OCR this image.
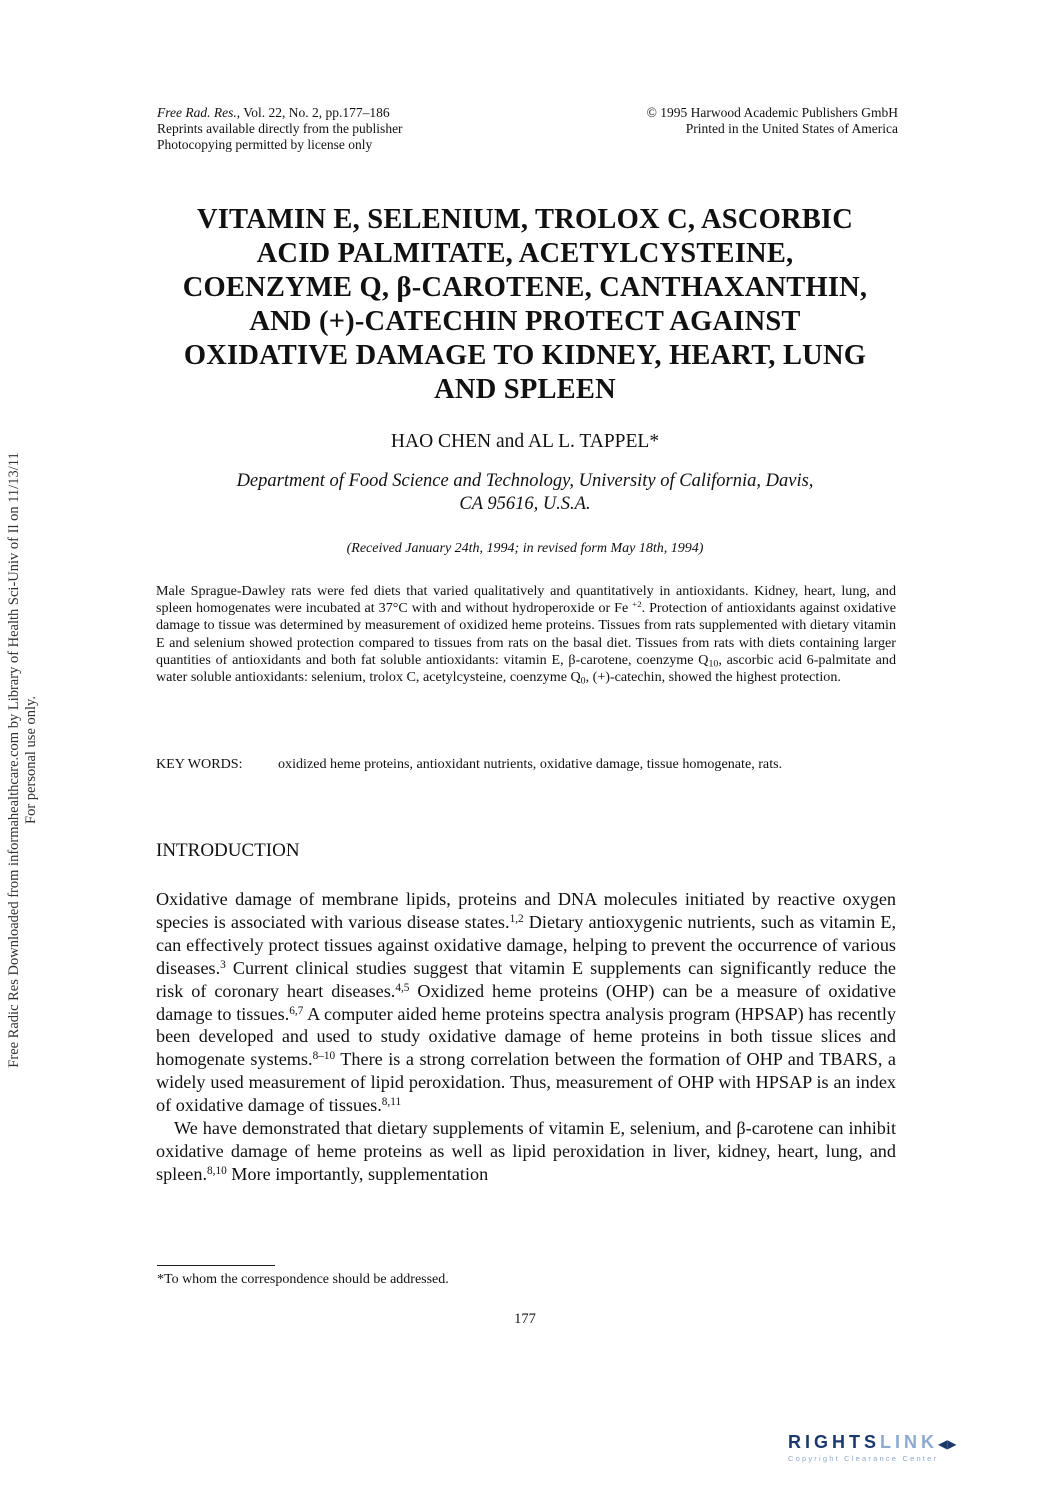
Free Radic Res Downloaded from informahealthcare.com by Library of Health Sci-Univ of Il on 11/13/11 For personal use only.
Free Rad. Res., Vol. 22, No. 2, pp.177–186
Reprints available directly from the publisher
Photocopying permitted by license only
© 1995 Harwood Academic Publishers GmbH
Printed in the United States of America
VITAMIN E, SELENIUM, TROLOX C, ASCORBIC
ACID PALMITATE, ACETYLCYSTEINE,
COENZYME Q, β-CAROTENE, CANTHAXANTHIN,
AND (+)-CATECHIN PROTECT AGAINST
OXIDATIVE DAMAGE TO KIDNEY, HEART, LUNG
AND SPLEEN
HAO CHEN and AL L. TAPPEL*
Department of Food Science and Technology, University of California, Davis,
CA 95616, U.S.A.
(Received January 24th, 1994; in revised form May 18th, 1994)
Male Sprague-Dawley rats were fed diets that varied qualitatively and quantitatively in antioxidants. Kidney, heart, lung, and spleen homogenates were incubated at 37°C with and without hydroperoxide or Fe $^{+2}$. Protection of antioxidants against oxidative damage to tissue was determined by measurement of oxidized heme proteins. Tissues from rats supplemented with dietary vitamin E and selenium showed protection compared to tissues from rats on the basal diet. Tissues from rats with diets containing larger quantities of antioxidants and both fat soluble antioxidants: vitamin E, β-carotene, coenzyme $Q_{10}$, ascorbic acid 6-palmitate and water soluble antioxidants: selenium, trolox C, acetylcysteine, coenzyme $Q_0$, (+)-catechin, showed the highest protection.
KEY WORDS:	oxidized heme proteins, antioxidant nutrients, oxidative damage, tissue homogenate, rats.
INTRODUCTION

Oxidative damage of membrane lipids, proteins and DNA molecules initiated by reactive oxygen species is associated with various disease states.$^{1,2}$ Dietary antioxygenic nutrients, such as vitamin E, can effectively protect tissues against oxidative damage, helping to prevent the occurrence of various diseases.$^3$ Current clinical studies suggest that vitamin E supplements can significantly reduce the risk of coronary heart diseases.$^{4,5}$ Oxidized heme proteins (OHP) can be a measure of oxidative damage to tissues.$^{6,7}$ A computer aided heme proteins spectra analysis program (HPSAP) has recently been developed and used to study oxidative damage of heme proteins in both tissue slices and homogenate systems.$^{8-10}$ There is a strong correlation between the formation of OHP and TBARS, a widely used measurement of lipid peroxidation. Thus, measurement of OHP with HPSAP is an index of oxidative damage of tissues.$^{8,11}$

We have demonstrated that dietary supplements of vitamin E, selenium, and β-carotene can inhibit oxidative damage of heme proteins as well as lipid peroxidation in liver, kidney, heart, lung, and spleen.$^{8,10}$ More importantly, supplementation

*To whom the correspondence should be addressed.
177
RIGHTSLINK◀▶
Copyright Clearance Center
